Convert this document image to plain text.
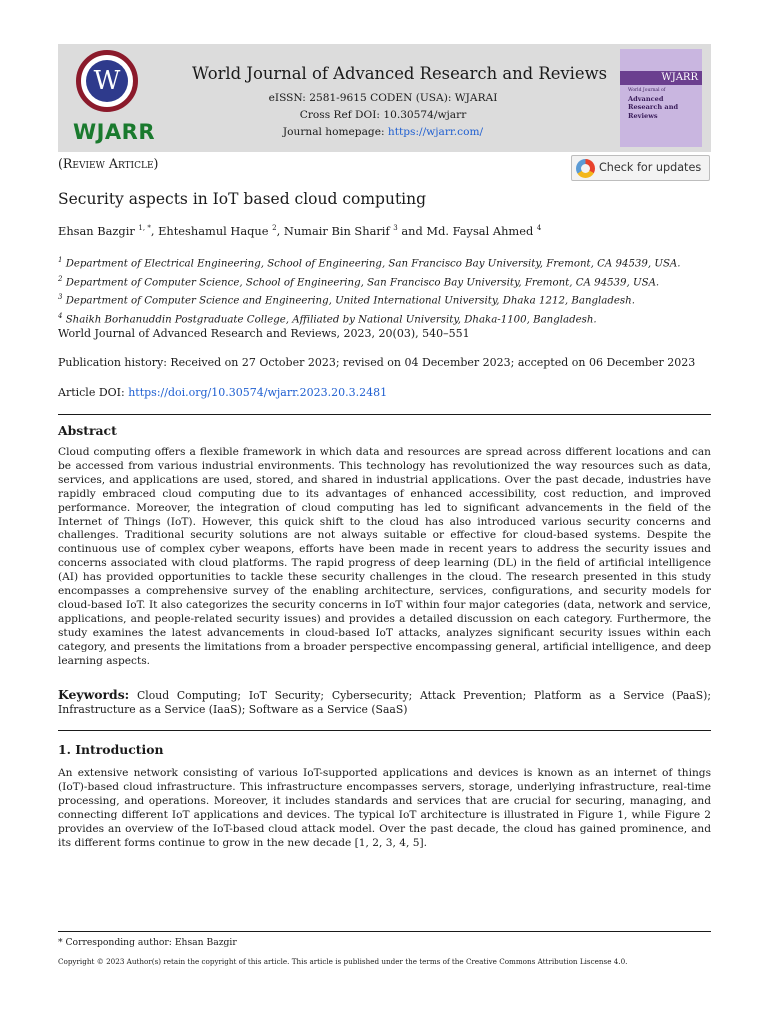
W
WJARR
World Journal of Advanced Research and Reviews
eISSN: 2581-9615 CODEN (USA): WJARAI
Cross Ref DOI: 10.30574/wjarr
Journal homepage: https://wjarr.com/
WJARR
World Journal of
Advanced
Research and
Reviews
(Review Article)	Check for updates
Security aspects in IoT based cloud computing
Ehsan Bazgir $^{1, *}$, Ehteshamul Haque $^2$, Numair Bin Sharif $^3$ and Md. Faysal Ahmed $^4$
$^1$ Department of Electrical Engineering, School of Engineering, San Francisco Bay University, Fremont, CA 94539, USA.
$^2$ Department of Computer Science, School of Engineering, San Francisco Bay University, Fremont, CA 94539, USA.
$^3$ Department of Computer Science and Engineering, United International University, Dhaka 1212, Bangladesh.
$^4$ Shaikh Borhanuddin Postgraduate College, Affiliated by National University, Dhaka-1100, Bangladesh.
World Journal of Advanced Research and Reviews, 2023, 20(03), 540–551
Publication history: Received on 27 October 2023; revised on 04 December 2023; accepted on 06 December 2023
Article DOI: https://doi.org/10.30574/wjarr.2023.20.3.2481
Abstract
Cloud computing offers a flexible framework in which data and resources are spread across different locations and can be accessed from various industrial environments. This technology has revolutionized the way resources such as data, services, and applications are used, stored, and shared in industrial applications. Over the past decade, industries have rapidly embraced cloud computing due to its advantages of enhanced accessibility, cost reduction, and improved performance. Moreover, the integration of cloud computing has led to significant advancements in the field of the Internet of Things (IoT). However, this quick shift to the cloud has also introduced various security concerns and challenges. Traditional security solutions are not always suitable or effective for cloud-based systems. Despite the continuous use of complex cyber weapons, efforts have been made in recent years to address the security issues and concerns associated with cloud platforms. The rapid progress of deep learning (DL) in the field of artificial intelligence (AI) has provided opportunities to tackle these security challenges in the cloud. The research presented in this study encompasses a comprehensive survey of the enabling architecture, services, configurations, and security models for cloud-based IoT. It also categorizes the security concerns in IoT within four major categories (data, network and service, applications, and people-related security issues) and provides a detailed discussion on each category. Furthermore, the study examines the latest advancements in cloud-based IoT attacks, analyzes significant security issues within each category, and presents the limitations from a broader perspective encompassing general, artificial intelligence, and deep learning aspects.
Keywords: Cloud Computing; IoT Security; Cybersecurity; Attack Prevention; Platform as a Service (PaaS); Infrastructure as a Service (IaaS); Software as a Service (SaaS)
1. Introduction
An extensive network consisting of various IoT-supported applications and devices is known as an internet of things (IoT)-based cloud infrastructure. This infrastructure encompasses servers, storage, underlying infrastructure, real-time processing, and operations. Moreover, it includes standards and services that are crucial for securing, managing, and connecting different IoT applications and devices. The typical IoT architecture is illustrated in Figure 1, while Figure 2 provides an overview of the IoT-based cloud attack model. Over the past decade, the cloud has gained prominence, and its different forms continue to grow in the new decade [1, 2, 3, 4, 5].
* Corresponding author: Ehsan Bazgir
Copyright © 2023 Author(s) retain the copyright of this article. This article is published under the terms of the Creative Commons Attribution Liscense 4.0.
